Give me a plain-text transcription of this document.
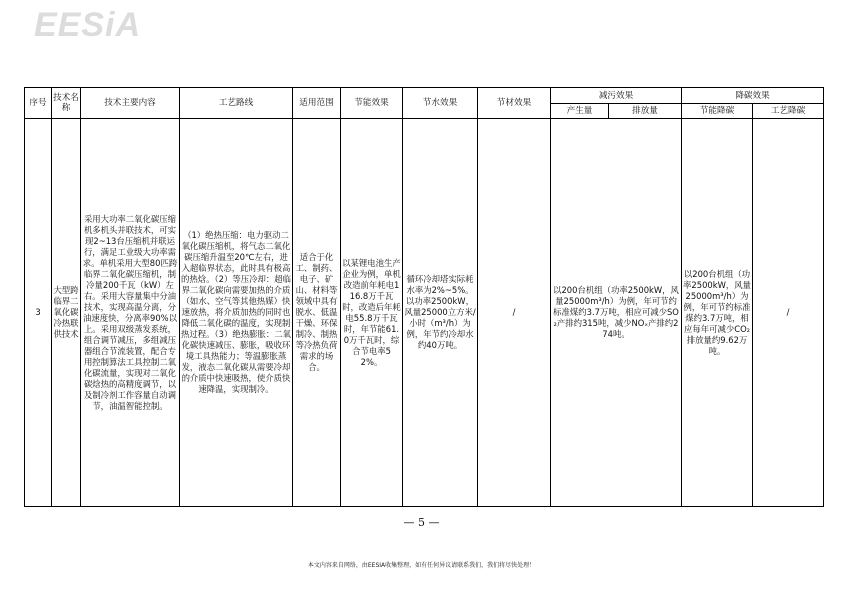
EESiA
序号	技术名称	技术主要内容	工艺路线	适用范围	节能效果	节水效果	节材效果	减污效果		降碳效果	
								产生量	排放量	节能降碳	工艺降碳
3	大型跨临界二氧化碳冷热联供技术	采用大功率二氧化碳压缩机多机头并联技术，可实现2~13台压缩机并联运行，满足工业级大功率需求。单机采用大型80匹跨临界二氧化碳压缩机，制冷量200千瓦（kW）左右。采用大容量集中分油技术，实现高温分离，分油速度快，分离率90%以上。采用双级蒸发系统，组合调节减压，多组减压器组合节流装置，配合专用控制算法工具控制二氧化碳流量，实现对二氧化碳焓热的高精度调节，以及制冷剂工作容量自动调节，油温智能控制。	（1）绝热压缩：电力驱动二氧化碳压缩机，将气态二氧化碳压缩升温至20℃左右，进入超临界状态，此时具有极高的热焓。（2）等压冷却：超临界二氧化碳向需要加热的介质（如水、空气等其他热媒）快速放热，将介质加热的同时也降低二氧化碳的温度，实现制热过程。（3）绝热膨胀：二氧化碳快速减压、膨胀，吸收环境工具热能力；等温膨胀蒸发，液态二氧化碳从需要冷却的介质中快速吸热，使介质快速降温，实现制冷。	适合于化工、制药、电子、矿山、材料等领域中具有脱水、低温干燥、环保制冷、制热等冷热负荷需求的场合。	以某锂电池生产企业为例，单机改造前年耗电116.8万千瓦时，改造后年耗电55.8万千瓦时，年节能61.0万千瓦时，综合节电率52%。	循环冷却塔实际耗水率为2%~5%。以功率2500kW，风量25000立方米/小时（m³/h）为例，年节约冷却水约40万吨。	/	以200台机组（功率2500kW，风量25000m³/h）为例，年可节约标准煤约3.7万吨，相应可减少SO₂产排约315吨，减少NOₓ产排约274吨。		以200台机组（功率2500kW，风量25000m³/h）为例，年可节约标准煤约3.7万吨，相应每年可减少CO₂排放量约9.62万吨。	/
— 5 —
本文内容来自网络，由EESIA收集整理，如有任何异议请联系我们，我们将尽快处理！
